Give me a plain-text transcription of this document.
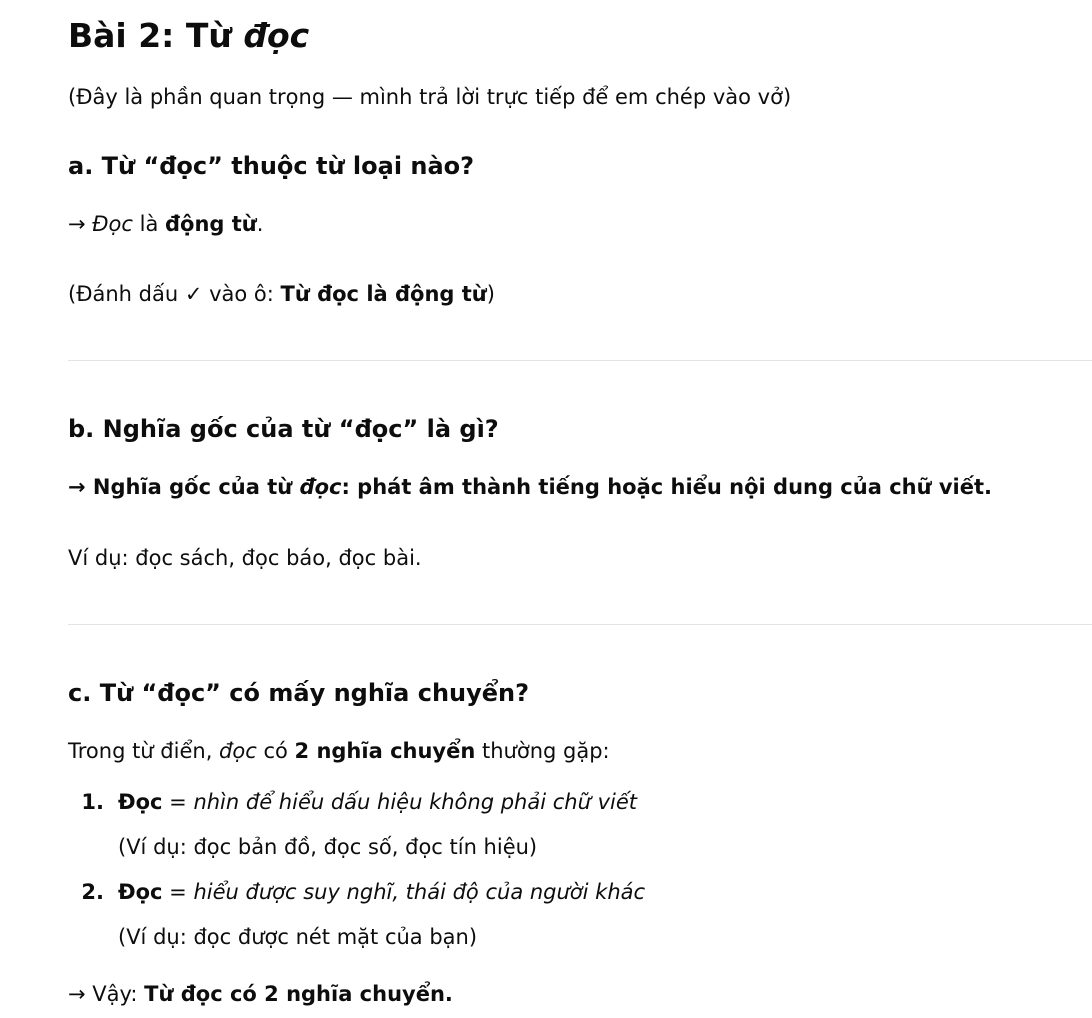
Bài 2: Từ đọc
(Đây là phần quan trọng — mình trả lời trực tiếp để em chép vào vở)
a. Từ “đọc” thuộc từ loại nào?
→ Đọc là động từ.
(Đánh dấu ✓ vào ô: Từ đọc là động từ)
b. Nghĩa gốc của từ “đọc” là gì?
→ Nghĩa gốc của từ đọc: phát âm thành tiếng hoặc hiểu nội dung của chữ viết.
Ví dụ: đọc sách, đọc báo, đọc bài.
c. Từ “đọc” có mấy nghĩa chuyển?
Trong từ điển, đọc có 2 nghĩa chuyển thường gặp:
1. Đọc = nhìn để hiểu dấu hiệu không phải chữ viết
(Ví dụ: đọc bản đồ, đọc số, đọc tín hiệu)
2. Đọc = hiểu được suy nghĩ, thái độ của người khác
(Ví dụ: đọc được nét mặt của bạn)
→ Vậy: Từ đọc có 2 nghĩa chuyển.
